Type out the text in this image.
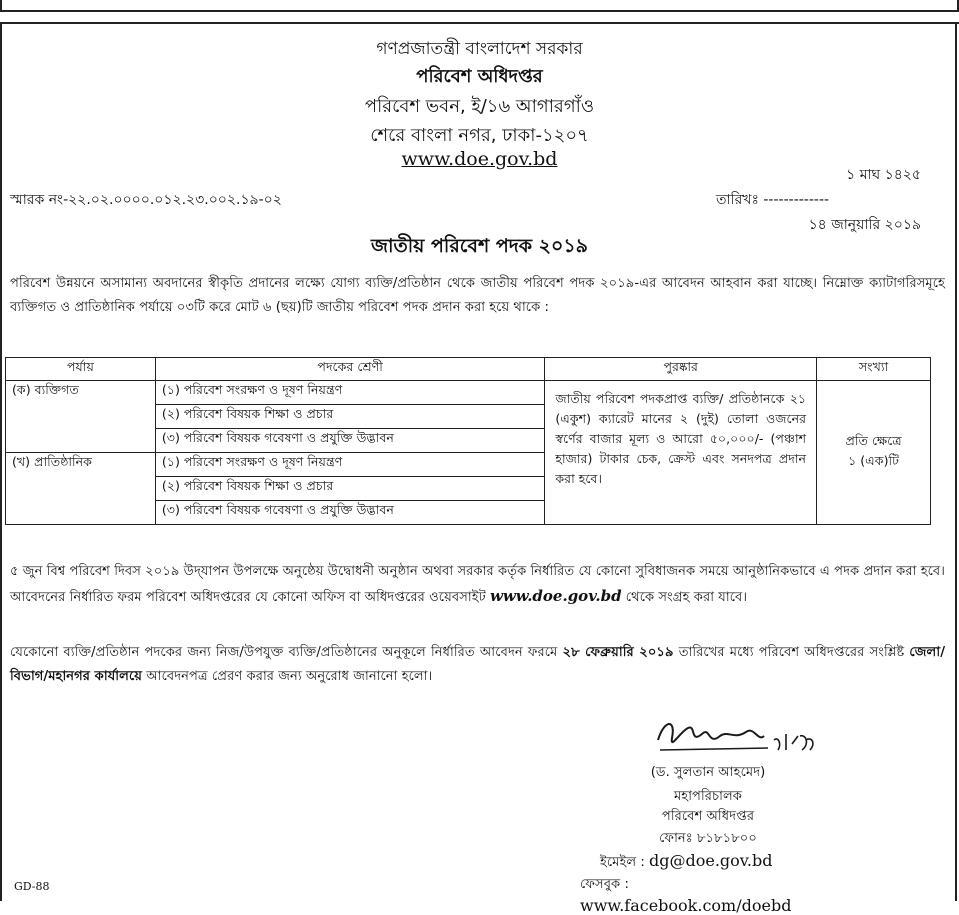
গণপ্রজাতন্ত্রী বাংলাদেশ সরকার
পরিবেশ অধিদপ্তর
পরিবেশ ভবন, ই/১৬ আগারগাঁও
শেরে বাংলা নগর, ঢাকা-১২০৭
www.doe.gov.bd
১ মাঘ ১৪২৫
স্মারক নং-২২.০২.০০০০.০১২.২৩.০০২.১৯-০২	তারিখঃ -------------
১৪ জানুয়ারি ২০১৯
জাতীয় পরিবেশ পদক ২০১৯
পরিবেশ উন্নয়নে অসামান্য অবদানের স্বীকৃতি প্রদানের লক্ষ্যে যোগ্য ব্যক্তি/প্রতিষ্ঠান থেকে জাতীয় পরিবেশ পদক ২০১৯-এর আবেদন আহবান করা যাচ্ছে। নিম্নোক্ত ক্যাটাগরিসমূহে ব্যক্তিগত ও প্রাতিষ্ঠানিক পর্যায়ে ০৩টি করে মোট ৬ (ছয়)টি জাতীয় পরিবেশ পদক প্রদান করা হয়ে থাকে :
পর্যায়	পদকের শ্রেণী	পুরষ্কার	সংখ্যা
(ক) ব্যক্তিগত	(১) পরিবেশ সংরক্ষণ ও দূষণ নিয়ন্ত্রণ	জাতীয় পরিবেশ পদকপ্রাপ্ত ব্যক্তি/ প্রতিষ্ঠানকে ২১ (একুশ) ক্যারেট মানের ২ (দুই) তোলা ওজনের স্বর্ণের বাজার মূল্য ও আরো ৫০,০০০/- (পঞ্চাশ হাজার) টাকার চেক, ক্রেস্ট এবং সনদপত্র প্রদান করা হবে।	প্রতি ক্ষেত্রে
১ (এক)টি

	(২) পরিবেশ বিষয়ক শিক্ষা ও প্রচার		
	(৩) পরিবেশ বিষয়ক গবেষণা ও প্রযুক্তি উদ্ভাবন		
(খ) প্রাতিষ্ঠানিক	(১) পরিবেশ সংরক্ষণ ও দূষণ নিয়ন্ত্রণ		
	(২) পরিবেশ বিষয়ক শিক্ষা ও প্রচার		
	(৩) পরিবেশ বিষয়ক গবেষণা ও প্রযুক্তি উদ্ভাবন		
৫ জুন বিশ্ব পরিবেশ দিবস ২০১৯ উদ্‌যাপন উপলক্ষে অনুষ্ঠেয় উদ্বোধনী অনুষ্ঠান অথবা সরকার কর্তৃক নির্ধারিত যে কোনো সুবিধাজনক সময়ে আনুষ্ঠানিকভাবে এ পদক প্রদান করা হবে। আবেদনের নির্ধারিত ফরম পরিবেশ অধিদপ্তরের যে কোনো অফিস বা অধিদপ্তরের ওয়েবসাইট www.doe.gov.bd থেকে সংগ্রহ করা যাবে।
যেকোনো ব্যক্তি/প্রতিষ্ঠান পদকের জন্য নিজ/উপযুক্ত ব্যক্তি/প্রতিষ্ঠানের অনুকূলে নির্ধারিত আবেদন ফরমে ২৮ ফেব্রুয়ারি ২০১৯ তারিখের মধ্যে পরিবেশ অধিদপ্তরের সংশ্লিষ্ট জেলা/বিভাগ/মহানগর কার্যালয়ে আবেদনপত্র প্রেরণ করার জন্য অনুরোধ জানানো হলো।
(ড. সুলতান আহমেদ)
মহাপরিচালক
পরিবেশ অধিদপ্তর
ফোনঃ ৮১৮১৮০০
ইমেইল : dg@doe.gov.bd
ফেসবুক : www.facebook.com/doebd
GD-88
